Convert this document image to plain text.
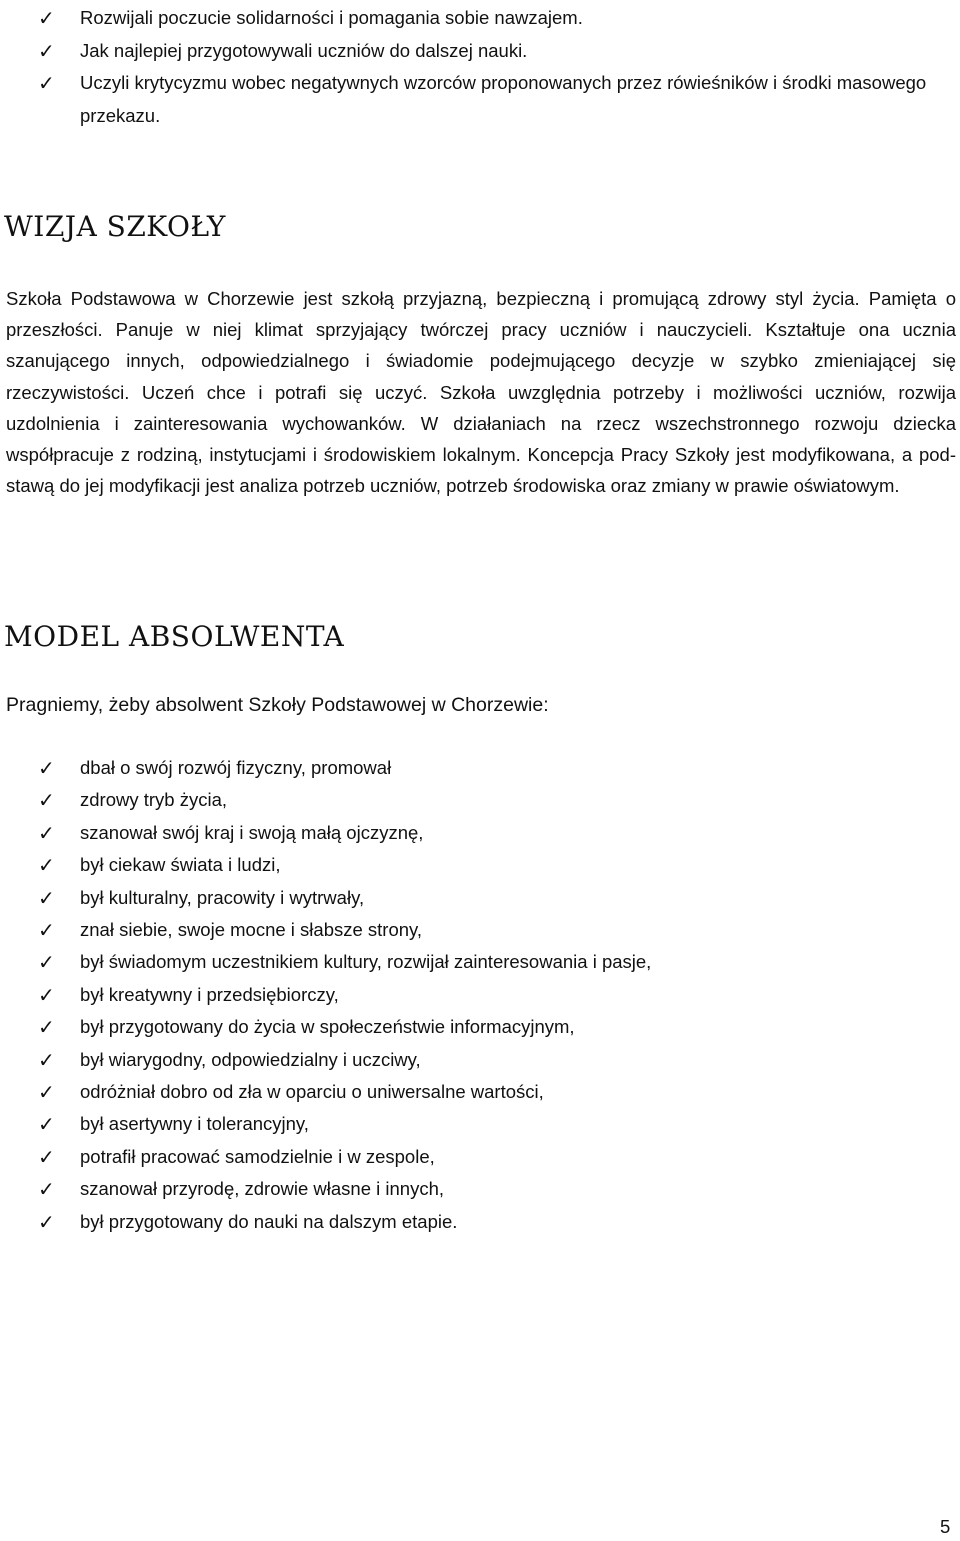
✓ Rozwijali poczucie solidarności i pomagania sobie nawzajem.
✓ Jak najlepiej przygotowywali uczniów do dalszej nauki.
✓ Uczyli krytycyzmu wobec negatywnych wzorców proponowanych przez rówieśników i środki masowego przekazu.
WIZJA SZKOŁY

Szkoła Podstawowa w Chorzewie jest szkołą przyjazną, bezpieczną i promującą zdrowy styl życia. Pamięta o przeszłości. Panuje w niej klimat sprzyjający twórczej pracy uczniów i nauczycieli. Kształtuje ona ucznia szanującego innych, odpowiedzialnego i świadomie podejmującego decyzje w szybko zmieniającej się rzeczywistości. Uczeń chce i potrafi się uczyć. Szkoła uwzględnia potrzeby i możliwości uczniów, rozwija uzdolnienia i zainteresowania wychowanków. W działaniach na rzecz wszechstronnego rozwoju dziecka współpracuje z rodziną, instytucjami i środowiskiem lokalnym. Koncepcja Pracy Szkoły jest modyfikowana, a podstawą do jej modyfikacji jest analiza potrzeb uczniów, potrzeb środowiska oraz zmiany w prawie oświatowym.

MODEL ABSOLWENTA

Pragniemy, żeby absolwent Szkoły Podstawowej w Chorzewie:

✓ dbał o swój rozwój fizyczny, promował
✓ zdrowy tryb życia,
✓ szanował swój kraj i swoją małą ojczyznę,
✓ był ciekaw świata i ludzi,
✓ był kulturalny, pracowity i wytrwały,
✓ znał siebie, swoje mocne i słabsze strony,
✓ był świadomym uczestnikiem kultury, rozwijał zainteresowania i pasje,
✓ był kreatywny i przedsiębiorczy,
✓ był przygotowany do życia w społeczeństwie informacyjnym,
✓ był wiarygodny, odpowiedzialny i uczciwy,
✓ odróżniał dobro od zła w oparciu o uniwersalne wartości,
✓ był asertywny i tolerancyjny,
✓ potrafił pracować samodzielnie i w zespole,
✓ szanował przyrodę, zdrowie własne i innych,
✓ był przygotowany do nauki na dalszym etapie.
5
